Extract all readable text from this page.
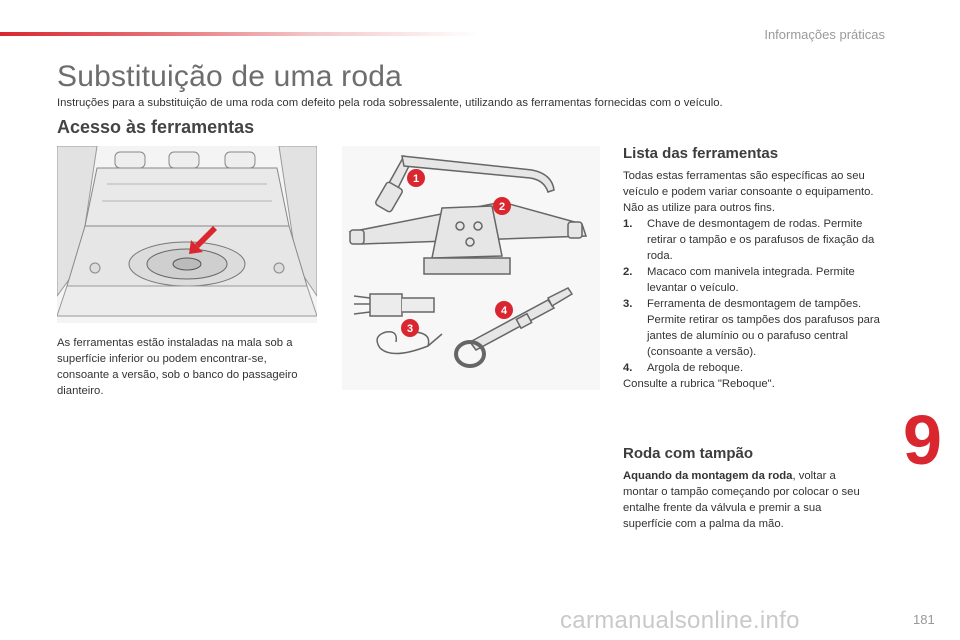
Informações práticas
Substituição de uma roda
Instruções para a substituição de uma roda com defeito pela roda sobressalente, utilizando as ferramentas fornecidas com o veículo.
Acesso às ferramentas
1
2
3
4
As ferramentas estão instaladas na mala sob a superfície inferior ou podem encontrar-se, consoante a versão, sob o banco do passageiro dianteiro.
Lista das ferramentas

Todas estas ferramentas são específicas ao seu veículo e podem variar consoante o equipamento. Não as utilize para outros fins.

1.	Chave de desmontagem de rodas. Permite retirar o tampão e os parafusos de fixação da roda.
2.	Macaco com manivela integrada. Permite levantar o veículo.
3.	Ferramenta de desmontagem de tampões. Permite retirar os tampões dos parafusos para jantes de alumínio ou o parafuso central (consoante a versão).
4.	Argola de reboque.

Consulte a rubrica "Reboque".

Roda com tampão
Aquando da montagem da roda, voltar a montar o tampão começando por colocar o seu entalhe frente da válvula e premir a sua superfície com a palma da mão.
9
carmanualsonline.info	181
